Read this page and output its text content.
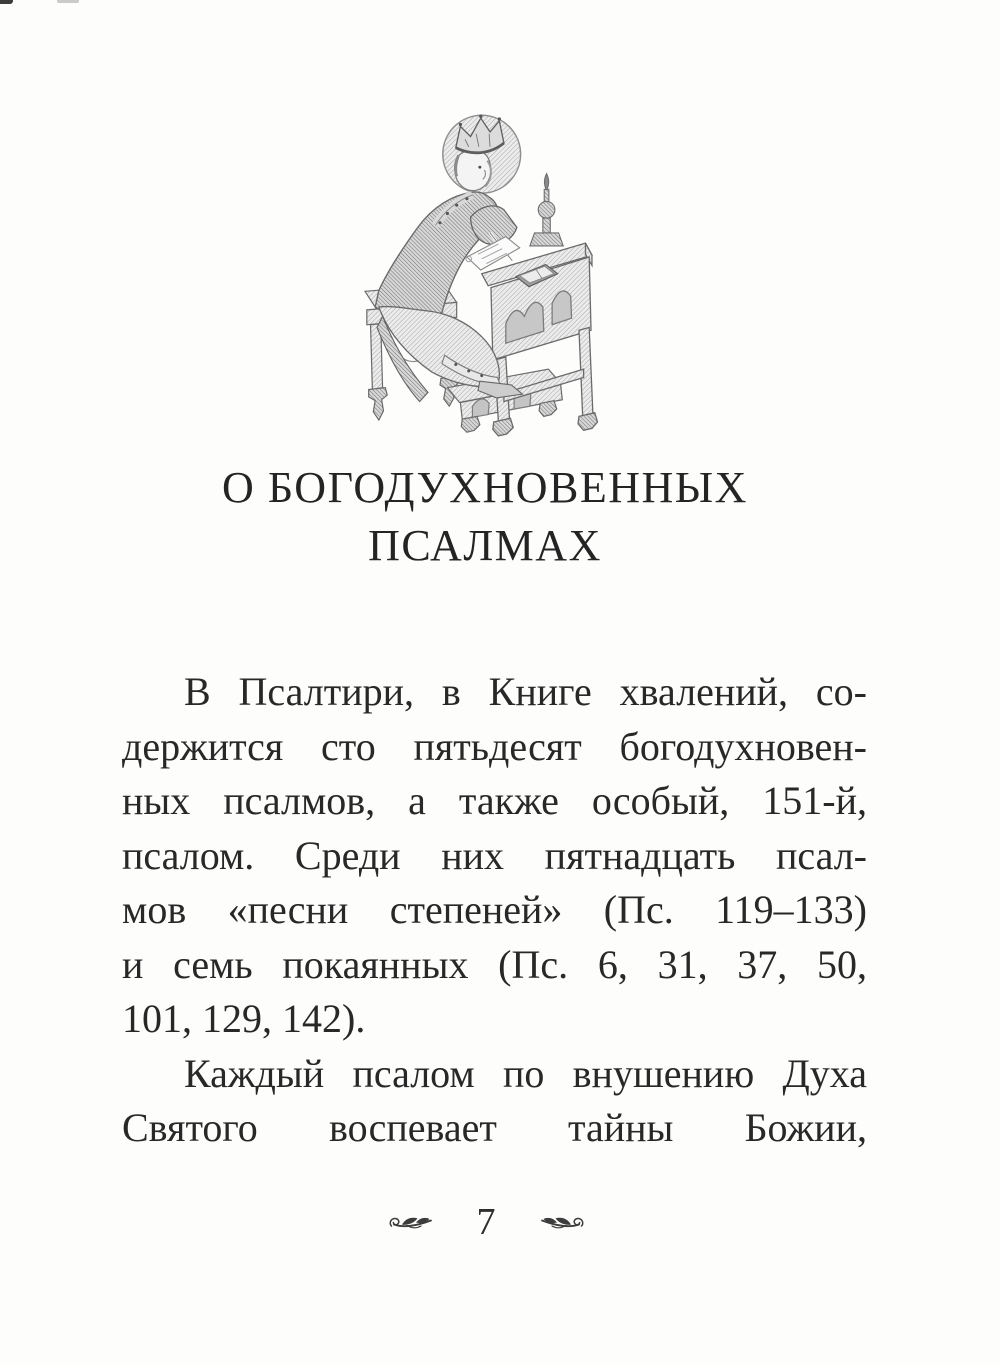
О БОГОДУХНОВЕННЫХ
ПСАЛМАХ
В Псалтири, в Книге хвалений, со-
держится сто пятьдесят богодухновен-
ных псалмов, а также особый, 151-й,
псалом. Среди них пятнадцать псал-
мов «песни степеней» (Пс. 119–133)
и семь покаянных (Пс. 6, 31, 37, 50,
101, 129, 142).
Каждый псалом по внушению Духа
Святого воспевает тайны Божии,
7
